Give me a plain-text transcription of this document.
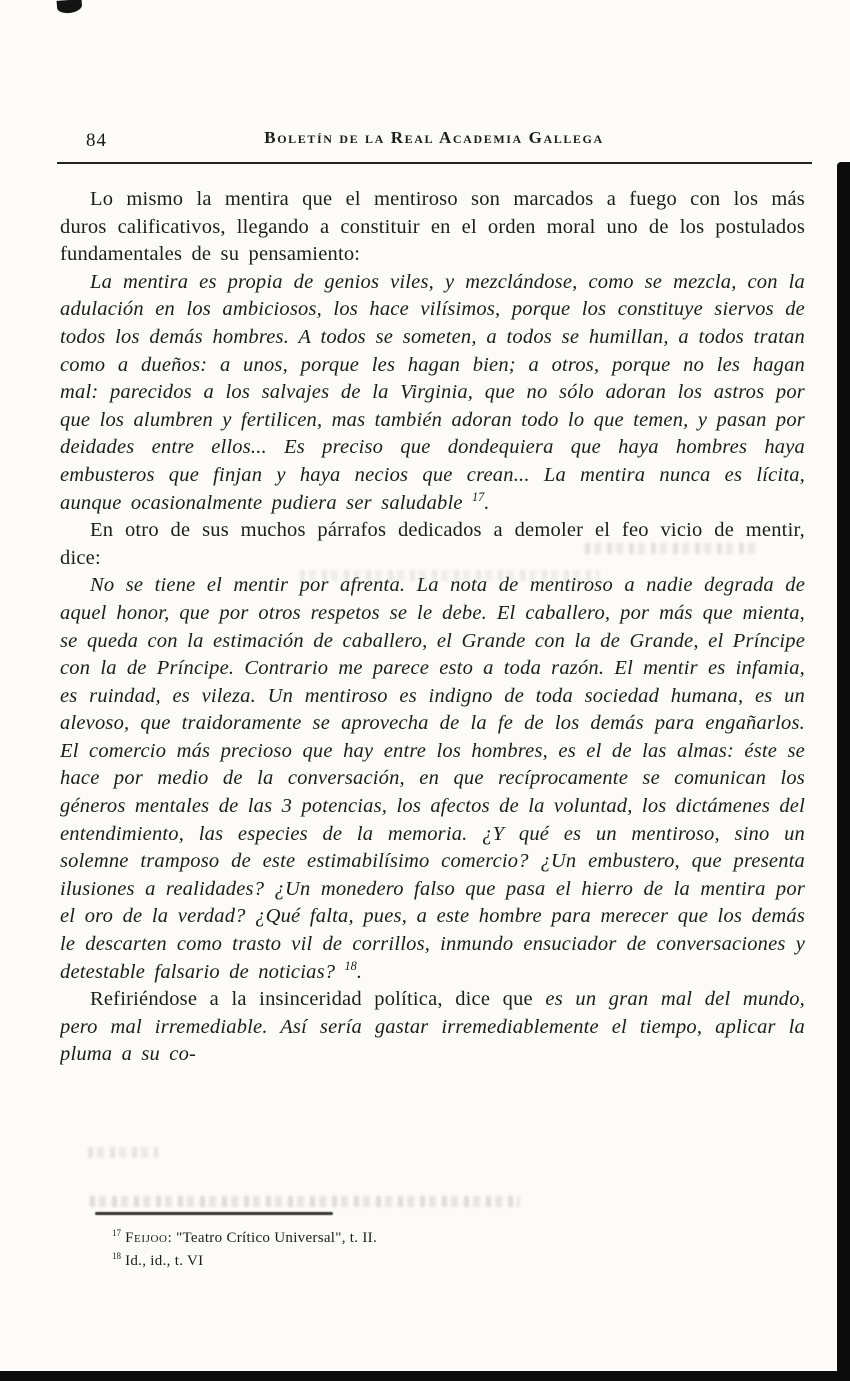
84	Boletín de la Real Academia Gallega

Lo mismo la mentira que el mentiroso son marcados a fuego con los más duros calificativos, llegando a constituir en el orden moral uno de los postulados fundamentales de su pensamiento:

La mentira es propia de genios viles, y mezclándose, como se mezcla, con la adulación en los ambiciosos, los hace vilísimos, porque los constituye siervos de todos los demás hombres. A todos se someten, a todos se humillan, a todos tratan como a dueños: a unos, porque les hagan bien; a otros, porque no les hagan mal: parecidos a los salvajes de la Virginia, que no sólo adoran los astros por que los alumbren y fertilicen, mas también adoran todo lo que temen, y pasan por deidades entre ellos... Es preciso que dondequiera que haya hombres haya embusteros que finjan y haya necios que crean... La mentira nunca es lícita, aunque ocasionalmente pudiera ser saludable $^{17}$.

En otro de sus muchos párrafos dedicados a demoler el feo vicio de mentir, dice:

No se tiene el mentir por afrenta. La nota de mentiroso a nadie degrada de aquel honor, que por otros respetos se le debe. El caballero, por más que mienta, se queda con la estimación de caballero, el Grande con la de Grande, el Príncipe con la de Príncipe. Contrario me parece esto a toda razón. El mentir es infamia, es ruindad, es vileza. Un mentiroso es indigno de toda sociedad humana, es un alevoso, que traidoramente se aprovecha de la fe de los demás para engañarlos. El comercio más precioso que hay entre los hombres, es el de las almas: éste se hace por medio de la conversación, en que recíprocamente se comunican los géneros mentales de las 3 potencias, los afectos de la voluntad, los dictámenes del entendimiento, las especies de la memoria. ¿Y qué es un mentiroso, sino un solemne tramposo de este estimabilísimo comercio? ¿Un embustero, que presenta ilusiones a realidades? ¿Un monedero falso que pasa el hierro de la mentira por el oro de la verdad? ¿Qué falta, pues, a este hombre para merecer que los demás le descarten como trasto vil de corrillos, inmundo ensuciador de conversaciones y detestable falsario de noticias? $^{18}$.

Refiriéndose a la insinceridad política, dice que es un gran mal del mundo, pero mal irremediable. Así sería gastar irremediablemente el tiempo, aplicar la pluma a su co-

$^{17}$ Feijoo: "Teatro Crítico Universal", t. II.

$^{18}$ Id., id., t. VI
